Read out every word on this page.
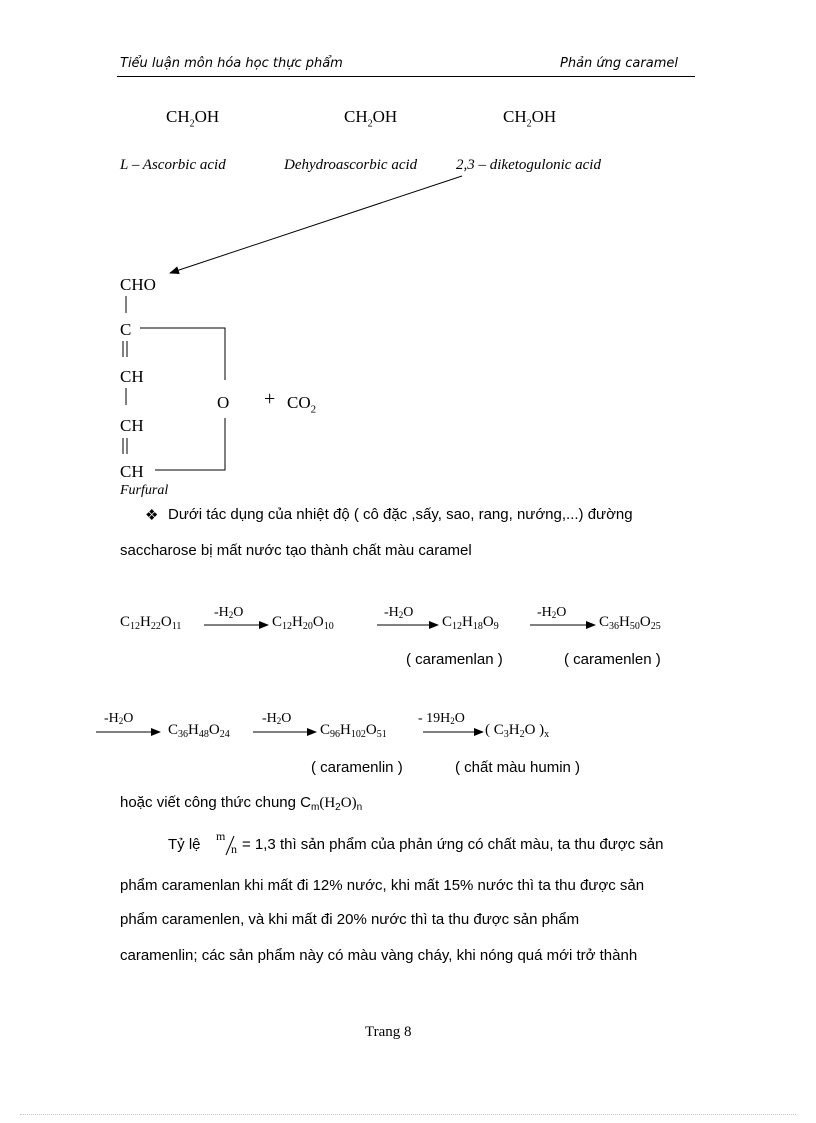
Tiểu luận môn hóa học thực phẩm	Phản ứng caramel
$CH_2OH$	$CH_2OH$	$CH_2OH$
L – Ascorbic acid	Dehydroascorbic acid	2,3 – diketogulonic acid
CHO
C
CH
CH
CH
$O + CO_2$
Furfural
❖ Dưới tác dụng của nhiệt độ ( cô đặc ,sấy, sao, rang, nướng,...) đường
saccharose bị mất nước tạo thành chất màu caramel
$C_{12}H_{22}O_{11}$
$-H_2O$
$C_{12}H_{20}O_{10}$
$-H_2O$
$C_{12}H_{18}O_9$
$-H_2O$
$C_{36}H_{50}O_{25}$
( caramenlan )	( caramenlen )
$-H_2O$
$C_{36}H_{48}O_{24}$
$-H_2O$
$C_{96}H_{102}O_{51}$
- $19H_2O$
( $C_3H_2O$ )$_x$
( caramenlin )	( chất màu humin )
hoặc viết công thức chung $C_m(H_2O)_n$
Tỷ lệ m
n = 1,3 thì sản phẩm của phản ứng có chất màu, ta thu được sản
phẩm caramenlan khi mất đi 12% nước, khi mất 15% nước thì ta thu được sản
phẩm caramenlen, và khi mất đi 20% nước thì ta thu được sản phẩm
caramenlin; các sản phẩm này có màu vàng cháy, khi nóng quá mới trở thành
Trang 8
